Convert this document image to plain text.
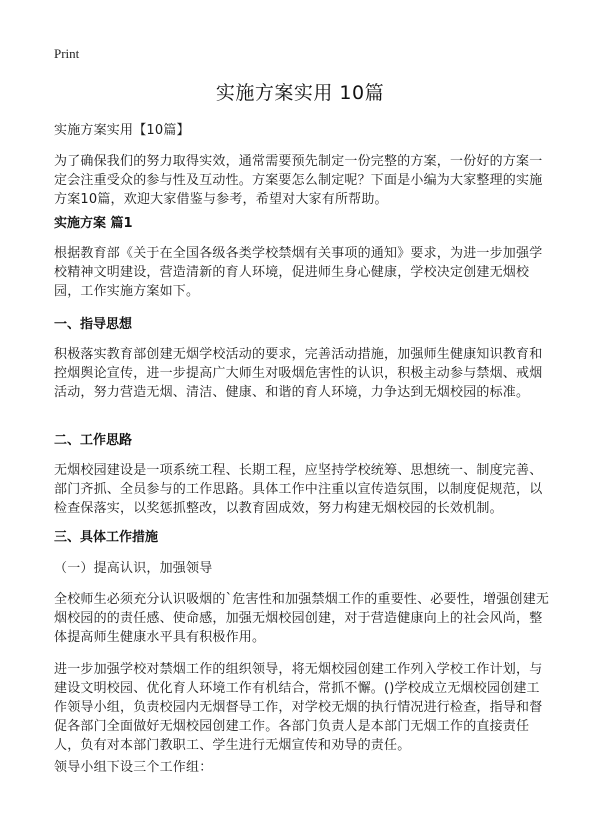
Print
实施方案实用 10篇

实施方案实用【10篇】

为了确保我们的努力取得实效，通常需要预先制定一份完整的方案，一份好的方案一定会注重受众的参与性及互动性。方案要怎么制定呢？下面是小编为大家整理的实施方案10篇，欢迎大家借鉴与参考，希望对大家有所帮助。

实施方案 篇1

根据教育部《关于在全国各级各类学校禁烟有关事项的通知》要求，为进一步加强学校精神文明建设，营造清新的育人环境，促进师生身心健康，学校决定创建无烟校园，工作实施方案如下。

一、指导思想

积极落实教育部创建无烟学校活动的要求，完善活动措施，加强师生健康知识教育和控烟舆论宣传，进一步提高广大师生对吸烟危害性的认识，积极主动参与禁烟、戒烟活动，努力营造无烟、清洁、健康、和谐的育人环境，力争达到无烟校园的标准。

二、工作思路

无烟校园建设是一项系统工程、长期工程，应坚持学校统筹、思想统一、制度完善、部门齐抓、全员参与的工作思路。具体工作中注重以宣传造氛围，以制度促规范，以检查保落实，以奖惩抓整改，以教育固成效，努力构建无烟校园的长效机制。

三、具体工作措施

（一）提高认识，加强领导

全校师生必须充分认识吸烟的`危害性和加强禁烟工作的重要性、必要性，增强创建无烟校园的的责任感、使命感，加强无烟校园创建，对于营造健康向上的社会风尚，整体提高师生健康水平具有积极作用。

进一步加强学校对禁烟工作的组织领导，将无烟校园创建工作列入学校工作计划，与建设文明校园、优化育人环境工作有机结合，常抓不懈。()学校成立无烟校园创建工作领导小组，负责校园内无烟督导工作，对学校无烟的执行情况进行检查，指导和督促各部门全面做好无烟校园创建工作。各部门负责人是本部门无烟工作的直接责任人，负有对本部门教职工、学生进行无烟宣传和劝导的责任。

领导小组下设三个工作组：
